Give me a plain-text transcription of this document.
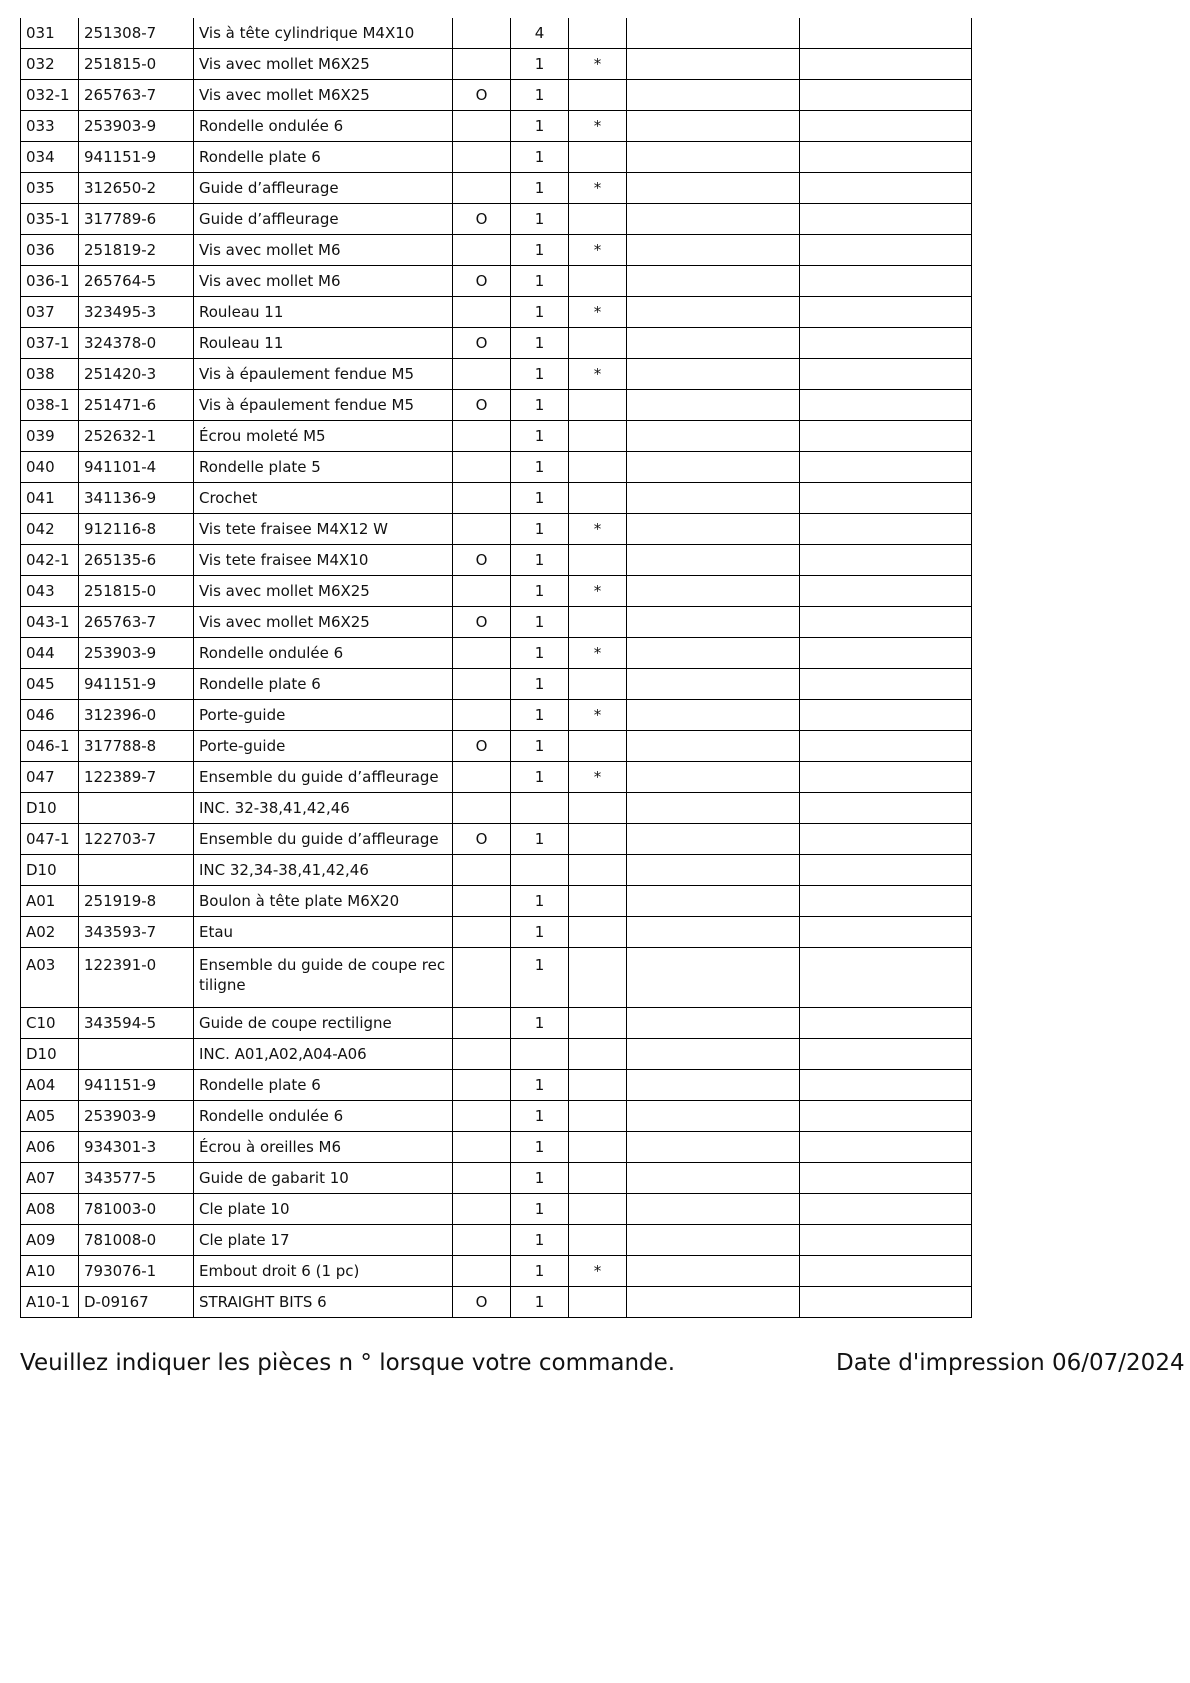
031	251308-7	Vis à tête cylindrique M4X10		4			
032	251815-0	Vis avec mollet M6X25		1	*		
032-1	265763-7	Vis avec mollet M6X25	O	1			
033	253903-9	Rondelle ondulée 6		1	*		
034	941151-9	Rondelle plate 6		1			
035	312650-2	Guide d’affleurage		1	*		
035-1	317789-6	Guide d’affleurage	O	1			
036	251819-2	Vis avec mollet M6		1	*		
036-1	265764-5	Vis avec mollet M6	O	1			
037	323495-3	Rouleau 11		1	*		
037-1	324378-0	Rouleau 11	O	1			
038	251420-3	Vis à épaulement fendue M5		1	*		
038-1	251471-6	Vis à épaulement fendue M5	O	1			
039	252632-1	Écrou moleté M5		1			
040	941101-4	Rondelle plate 5		1			
041	341136-9	Crochet		1			
042	912116-8	Vis tete fraisee M4X12 W		1	*		
042-1	265135-6	Vis tete fraisee M4X10	O	1			
043	251815-0	Vis avec mollet M6X25		1	*		
043-1	265763-7	Vis avec mollet M6X25	O	1			
044	253903-9	Rondelle ondulée 6		1	*		
045	941151-9	Rondelle plate 6		1			
046	312396-0	Porte-guide		1	*		
046-1	317788-8	Porte-guide	O	1			
047	122389-7	Ensemble du guide d’affleurage		1	*		
D10		INC. 32-38,41,42,46					
047-1	122703-7	Ensemble du guide d’affleurage	O	1			
D10		INC 32,34-38,41,42,46					
A01	251919-8	Boulon à tête plate M6X20		1			
A02	343593-7	Etau		1			
A03	122391-0	Ensemble du guide de coupe rec tiligne		1			
C10	343594-5	Guide de coupe rectiligne		1			
D10		INC. A01,A02,A04-A06					
A04	941151-9	Rondelle plate 6		1			
A05	253903-9	Rondelle ondulée 6		1			
A06	934301-3	Écrou à oreilles M6		1			
A07	343577-5	Guide de gabarit 10		1			
A08	781003-0	Cle plate 10		1			
A09	781008-0	Cle plate 17		1			
A10	793076-1	Embout droit 6 (1 pc)		1	*		
A10-1	D-09167	STRAIGHT BITS 6	O	1			
Veuillez indiquer les pièces n ° lorsque votre commande.	Date d'impression 06/07/2024
